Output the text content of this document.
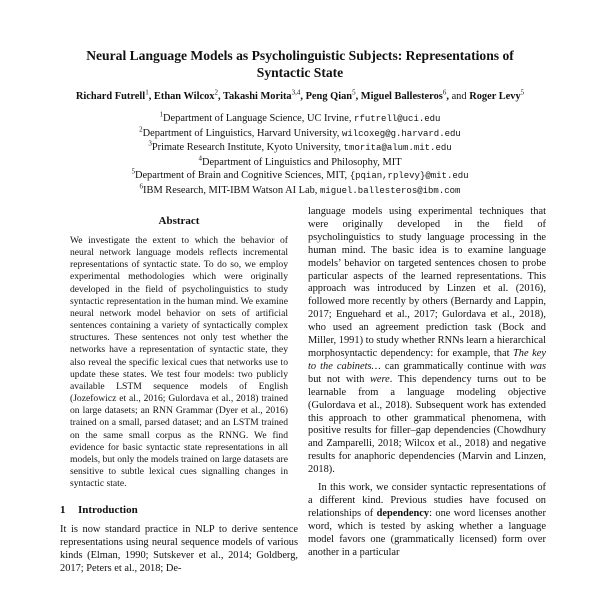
Neural Language Models as Psycholinguistic Subjects: Representations of Syntactic State
Richard Futrell$^1$, Ethan Wilcox$^2$, Takashi Morita$^{3,4}$, Peng Qian$^5$, Miguel Ballesteros$^6$, and Roger Levy$^5$
$^1$Department of Language Science, UC Irvine, rfutrell@uci.edu
$^2$Department of Linguistics, Harvard University, wilcoxeg@g.harvard.edu
$^3$Primate Research Institute, Kyoto University, tmorita@alum.mit.edu
$^4$Department of Linguistics and Philosophy, MIT
$^5$Department of Brain and Cognitive Sciences, MIT, {pqian,rplevy}@mit.edu
$^6$IBM Research, MIT-IBM Watson AI Lab, miguel.ballesteros@ibm.com
Abstract
We investigate the extent to which the behavior of neural network language models reflects incremental representations of syntactic state. To do so, we employ experimental methodologies which were originally developed in the field of psycholinguistics to study syntactic representation in the human mind. We examine neural network model behavior on sets of artificial sentences containing a variety of syntactically complex structures. These sentences not only test whether the networks have a representation of syntactic state, they also reveal the specific lexical cues that networks use to update these states. We test four models: two publicly available LSTM sequence models of English (Jozefowicz et al., 2016; Gulordava et al., 2018) trained on large datasets; an RNN Grammar (Dyer et al., 2016) trained on a small, parsed dataset; and an LSTM trained on the same small corpus as the RNNG. We find evidence for basic syntactic state representations in all models, but only the models trained on large datasets are sensitive to subtle lexical cues signalling changes in syntactic state.
1 Introduction

It is now standard practice in NLP to derive sentence representations using neural sequence models of various kinds (Elman, 1990; Sutskever et al., 2014; Goldberg, 2017; Peters et al., 2018; De-

language models using experimental techniques that were originally developed in the field of psycholinguistics to study language processing in the human mind. The basic idea is to examine language models’ behavior on targeted sentences chosen to probe particular aspects of the learned representations. This approach was introduced by Linzen et al. (2016), followed more recently by others (Bernardy and Lappin, 2017; Enguehard et al., 2017; Gulordava et al., 2018), who used an agreement prediction task (Bock and Miller, 1991) to study whether RNNs learn a hierarchical morphosyntactic dependency: for example, that The key to the cabinets… can grammatically continue with was but not with were. This dependency turns out to be learnable from a language modeling objective (Gulordava et al., 2018). Subsequent work has extended this approach to other grammatical phenomena, with positive results for filler–gap dependencies (Chowdhury and Zamparelli, 2018; Wilcox et al., 2018) and negative results for anaphoric dependencies (Marvin and Linzen, 2018).

In this work, we consider syntactic representations of a different kind. Previous studies have focused on relationships of dependency: one word licenses another word, which is tested by asking whether a language model favors one (grammatically licensed) form over another in a particular
